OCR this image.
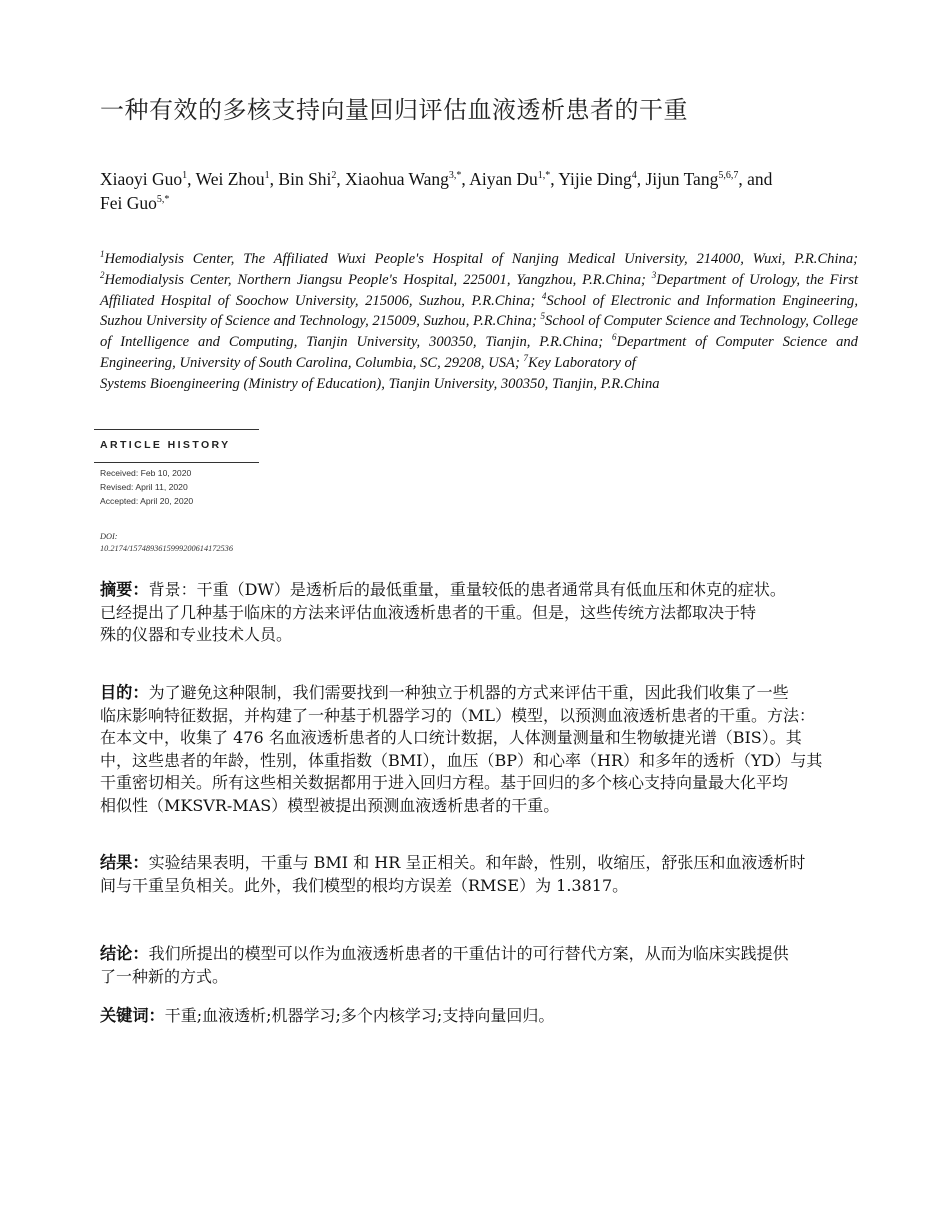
一种有效的多核支持向量回归评估血液透析患者的干重
Xiaoyi Guo$^1$, Wei Zhou$^1$, Bin Shi$^2$, Xiaohua Wang$^{3,*}$, Aiyan $Du^{1,*}$, Yijie Ding$^4$, Jijun Tang$^{5,6,7}$, and
Fei Guo$^{5,*}$
$^1$Hemodialysis Center, The Affiliated Wuxi People's Hospital of Nanjing Medical University, 214000, Wuxi, P.R.China; $^2$Hemodialysis Center, Northern Jiangsu People's Hospital, 225001, Yangzhou, P.R.China; $^3$Department of Urology, the First Affiliated Hospital of Soochow University, 215006, Suzhou, P.R.China; $^4$School of Electronic and Information Engineering, Suzhou University of Science and Technology, 215009, Suzhou, P.R.China; $^5$School of Computer Science and Technology, College of Intelligence and Computing, Tianjin University, 300350, Tianjin, P.R.China; $^6$Department of Computer Science and Engineering, University of South Carolina, Columbia, SC, 29208, USA; $^7$Key Laboratory of
Systems Bioengineering (Ministry of Education), Tianjin University, 300350, Tianjin, P.R.China
ARTICLE HISTORY
Received: Feb 10, 2020
Revised: April 11, 2020
Accepted: April 20, 2020
DOI:
10.2174/1574893615999200614172536
摘要：背景：干重（DW）是透析后的最低重量，重量较低的患者通常具有低血压和休克的症状。
已经提出了几种基于临床的方法来评估血液透析患者的干重。但是，这些传统方法都取决于特
殊的仪器和专业技术人员。
目的：为了避免这种限制，我们需要找到一种独立于机器的方式来评估干重，因此我们收集了一些
临床影响特征数据，并构建了一种基于机器学习的（ML）模型，以预测血液透析患者的干重。方法：
在本文中，收集了 476 名血液透析患者的人口统计数据，人体测量测量和生物敏捷光谱（BIS）。其
中，这些患者的年龄，性别，体重指数（BMI），血压（BP）和心率（HR）和多年的透析（YD）与其
干重密切相关。所有这些相关数据都用于进入回归方程。基于回归的多个核心支持向量最大化平均
相似性（MKSVR-MAS）模型被提出预测血液透析患者的干重。
结果：实验结果表明，干重与 BMI 和 HR 呈正相关。和年龄，性别，收缩压，舒张压和血液透析时
间与干重呈负相关。此外，我们模型的根均方误差（RMSE）为 1.3817。
结论：我们所提出的模型可以作为血液透析患者的干重估计的可行替代方案，从而为临床实践提供
了一种新的方式。
关键词：干重;血液透析;机器学习;多个内核学习;支持向量回归。
